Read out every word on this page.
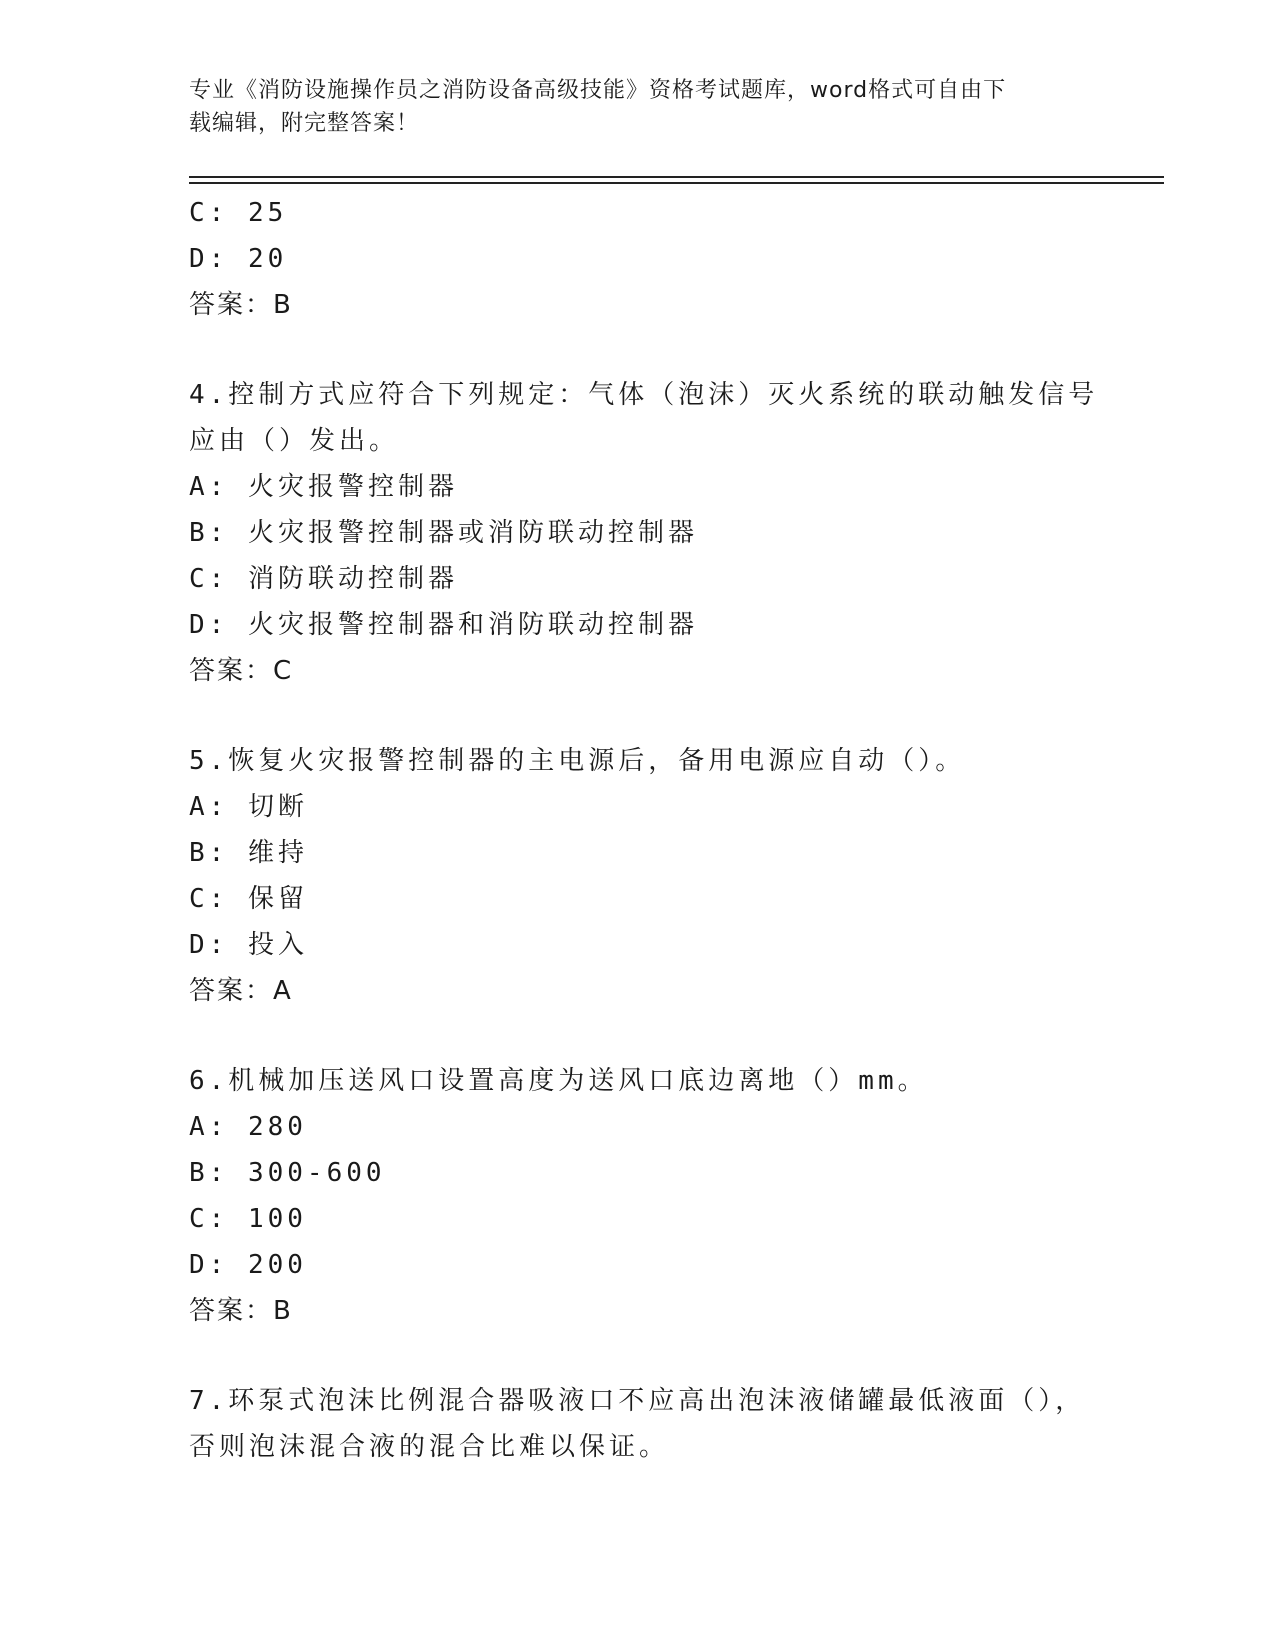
专业《消防设施操作员之消防设备高级技能》资格考试题库，word格式可自由下
载编辑，附完整答案！
C: 25
D: 20
答案：B
4.控制方式应符合下列规定：气体（泡沫）灭火系统的联动触发信号
应由（）发出。
A: 火灾报警控制器
B: 火灾报警控制器或消防联动控制器
C: 消防联动控制器
D: 火灾报警控制器和消防联动控制器
答案：C
5.恢复火灾报警控制器的主电源后，备用电源应自动（）。
A: 切断
B: 维持
C: 保留
D: 投入
答案：A
6.机械加压送风口设置高度为送风口底边离地（）mm。
A: 280
B: 300-600
C: 100
D: 200
答案：B
7.环泵式泡沫比例混合器吸液口不应高出泡沫液储罐最低液面（），
否则泡沫混合液的混合比难以保证。
